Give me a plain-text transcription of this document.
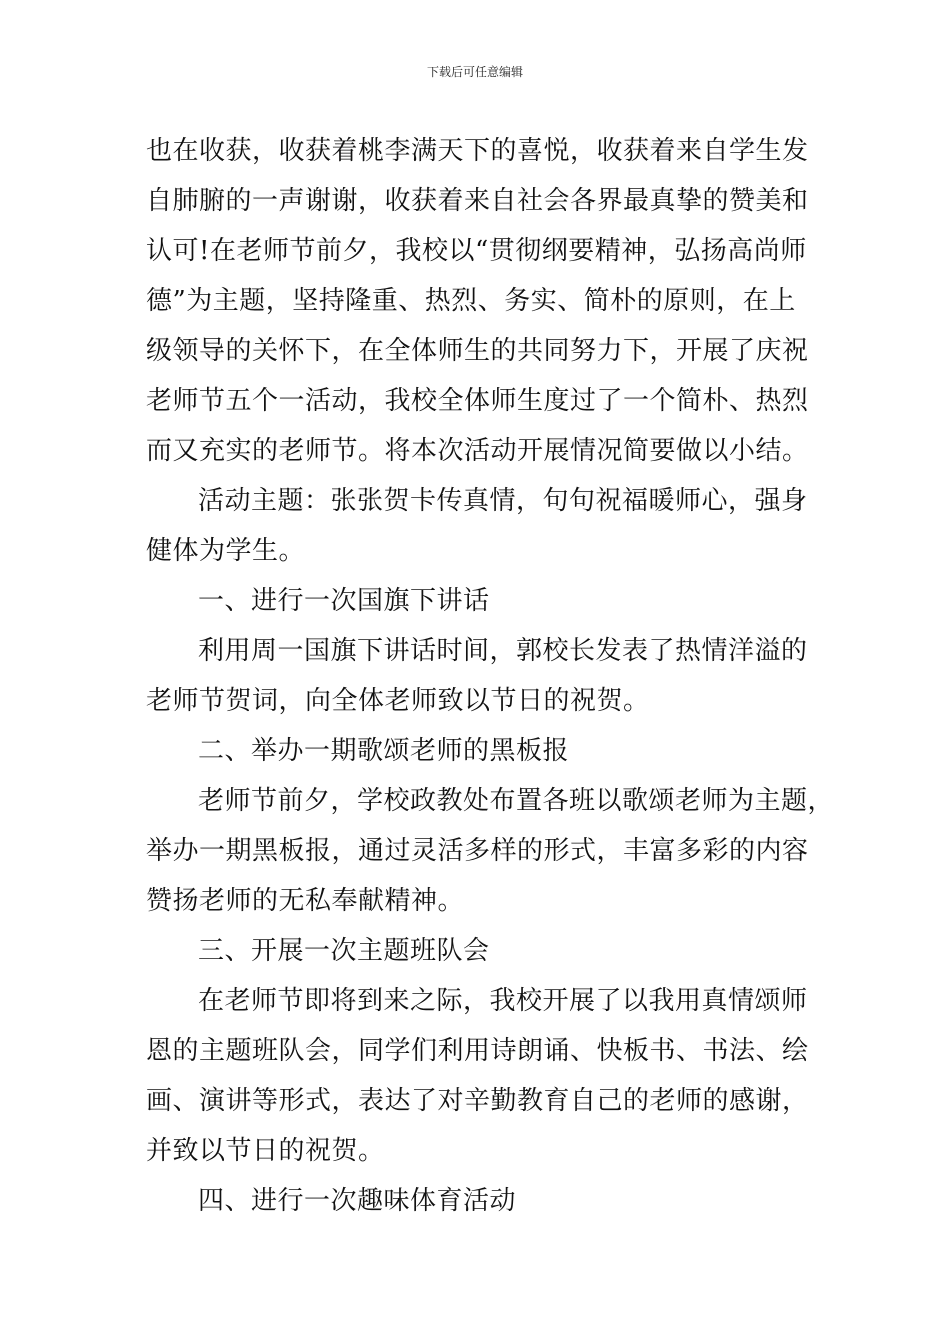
下载后可任意编辑
也在收获，收获着桃李满天下的喜悦，收获着来自学生发
自肺腑的一声谢谢，收获着来自社会各界最真挚的赞美和
认可!在老师节前夕，我校以“贯彻纲要精神，弘扬高尚师
德”为主题，坚持隆重、热烈、务实、简朴的原则，在上
级领导的关怀下，在全体师生的共同努力下，开展了庆祝
老师节五个一活动，我校全体师生度过了一个简朴、热烈
而又充实的老师节。将本次活动开展情况简要做以小结。
活动主题：张张贺卡传真情，句句祝福暖师心，强身
健体为学生。
一、进行一次国旗下讲话
利用周一国旗下讲话时间，郭校长发表了热情洋溢的
老师节贺词，向全体老师致以节日的祝贺。
二、举办一期歌颂老师的黑板报
老师节前夕，学校政教处布置各班以歌颂老师为主题，
举办一期黑板报，通过灵活多样的形式，丰富多彩的内容
赞扬老师的无私奉献精神。
三、开展一次主题班队会
在老师节即将到来之际，我校开展了以我用真情颂师
恩的主题班队会，同学们利用诗朗诵、快板书、书法、绘
画、演讲等形式，表达了对辛勤教育自己的老师的感谢，
并致以节日的祝贺。
四、进行一次趣味体育活动
